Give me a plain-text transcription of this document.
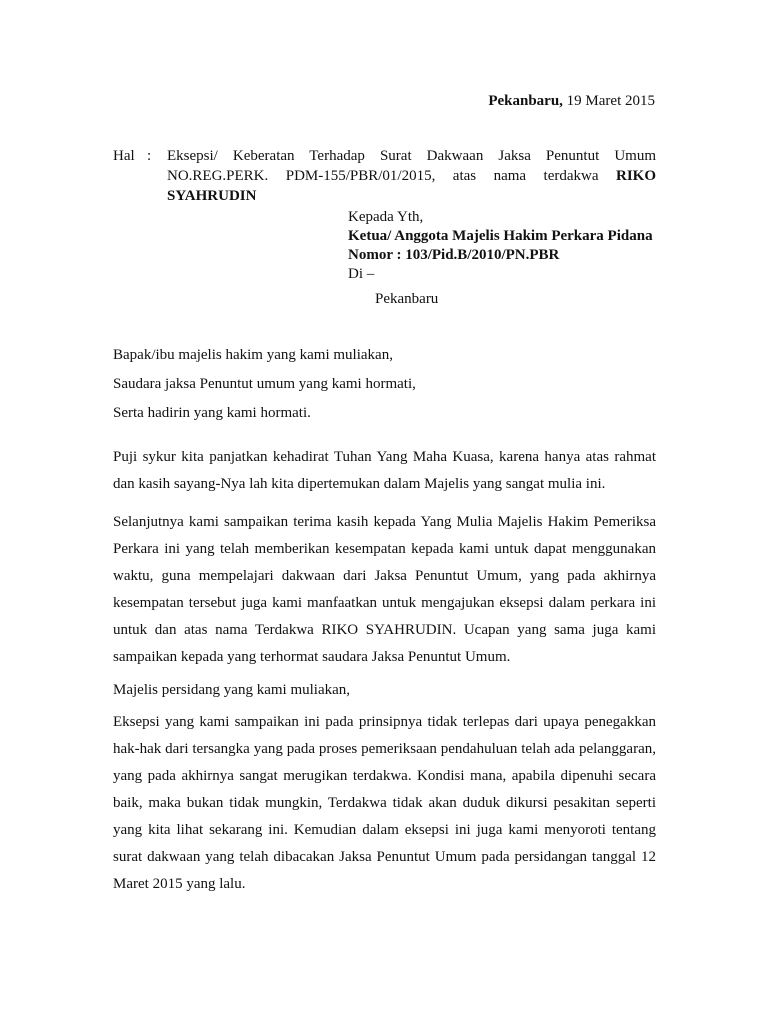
Pekanbaru, 19 Maret 2015
Hal : Eksepsi/ Keberatan Terhadap Surat Dakwaan Jaksa Penuntut Umum
NO.REG.PERK. PDM-155/PBR/01/2015, atas nama terdakwa RIKO
SYAHRUDIN
Kepada Yth,
Ketua/ Anggota Majelis Hakim Perkara Pidana
Nomor : 103/Pid.B/2010/PN.PBR
Di –
Pekanbaru
Bapak/ibu majelis hakim yang kami muliakan,
Saudara jaksa Penuntut umum yang kami hormati,
Serta hadirin yang kami hormati.
Puji sykur kita panjatkan kehadirat Tuhan Yang Maha Kuasa, karena hanya atas rahmat dan kasih sayang-Nya lah kita dipertemukan dalam Majelis yang sangat mulia ini.
Selanjutnya kami sampaikan terima kasih kepada Yang Mulia Majelis Hakim Pemeriksa Perkara ini yang telah memberikan kesempatan kepada kami untuk dapat menggunakan waktu, guna mempelajari dakwaan dari Jaksa Penuntut Umum, yang pada akhirnya kesempatan tersebut juga kami manfaatkan untuk mengajukan eksepsi dalam perkara ini untuk dan atas nama Terdakwa RIKO SYAHRUDIN. Ucapan yang sama juga kami sampaikan kepada yang terhormat saudara Jaksa Penuntut Umum.
Majelis persidang yang kami muliakan,
Eksepsi yang kami sampaikan ini pada prinsipnya tidak terlepas dari upaya penegakkan hak-hak dari tersangka yang pada proses pemeriksaan pendahuluan telah ada pelanggaran, yang pada akhirnya sangat merugikan terdakwa. Kondisi mana, apabila dipenuhi secara baik, maka bukan tidak mungkin, Terdakwa tidak akan duduk dikursi pesakitan seperti yang kita lihat sekarang ini. Kemudian dalam eksepsi ini juga kami menyoroti tentang surat dakwaan yang telah dibacakan Jaksa Penuntut Umum pada persidangan tanggal 12 Maret 2015 yang lalu.
